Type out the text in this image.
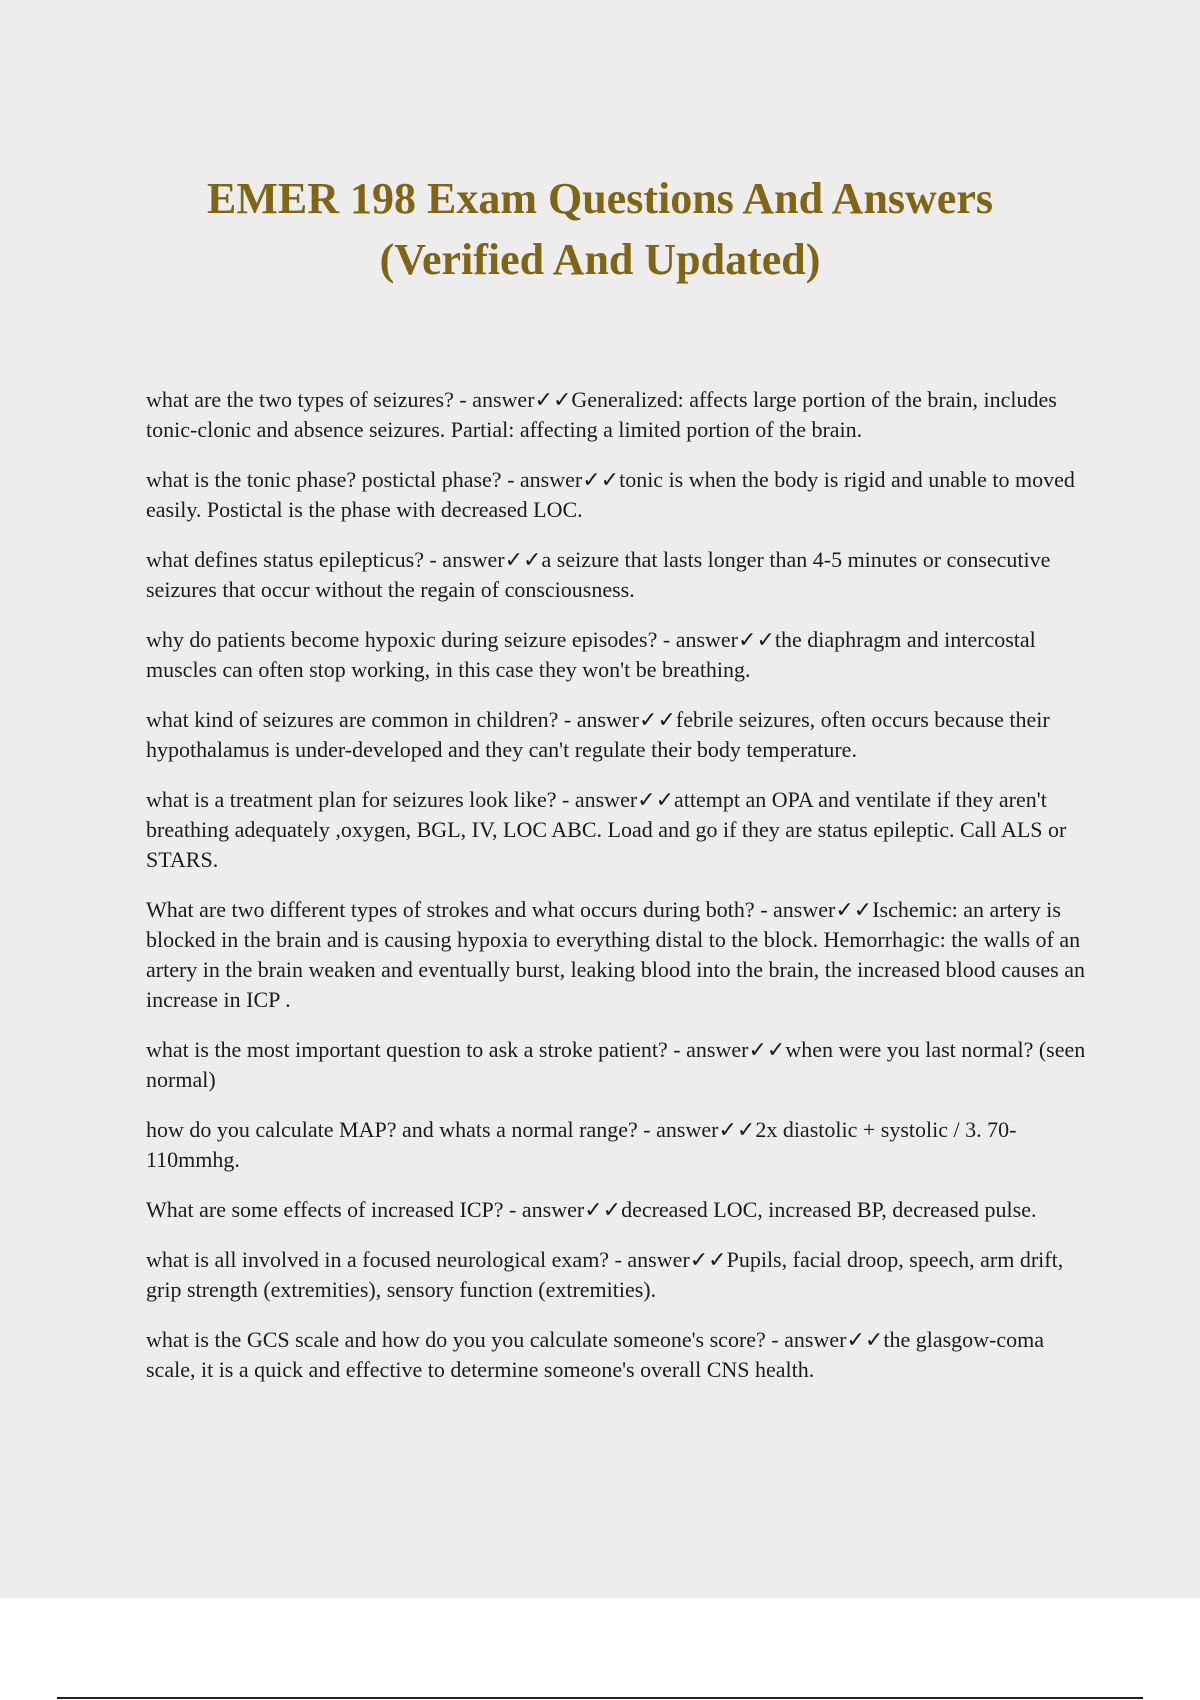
EMER 198 Exam Questions And Answers
(Verified And Updated)
what are the two types of seizures? - answer✓✓Generalized: affects large portion of the brain, includes tonic-clonic and absence seizures. Partial: affecting a limited portion of the brain.
what is the tonic phase? postictal phase? - answer✓✓tonic is when the body is rigid and unable to moved easily. Postictal is the phase with decreased LOC.
what defines status epilepticus? - answer✓✓a seizure that lasts longer than 4-5 minutes or consecutive seizures that occur without the regain of consciousness.
why do patients become hypoxic during seizure episodes? - answer✓✓the diaphragm and intercostal muscles can often stop working, in this case they won't be breathing.
what kind of seizures are common in children? - answer✓✓febrile seizures, often occurs because their hypothalamus is under-developed and they can't regulate their body temperature.
what is a treatment plan for seizures look like? - answer✓✓attempt an OPA and ventilate if they aren't breathing adequately ,oxygen, BGL, IV, LOC ABC. Load and go if they are status epileptic. Call ALS or STARS.
What are two different types of strokes and what occurs during both? - answer✓✓Ischemic: an artery is blocked in the brain and is causing hypoxia to everything distal to the block. Hemorrhagic: the walls of an artery in the brain weaken and eventually burst, leaking blood into the brain, the increased blood causes an increase in ICP .
what is the most important question to ask a stroke patient? - answer✓✓when were you last normal? (seen normal)
how do you calculate MAP? and whats a normal range? - answer✓✓2x diastolic + systolic / 3. 70-110mmhg.
What are some effects of increased ICP? - answer✓✓decreased LOC, increased BP, decreased pulse.
what is all involved in a focused neurological exam? - answer✓✓Pupils, facial droop, speech, arm drift, grip strength (extremities), sensory function (extremities).
what is the GCS scale and how do you you calculate someone's score? - answer✓✓the glasgow-coma scale, it is a quick and effective to determine someone's overall CNS health.
